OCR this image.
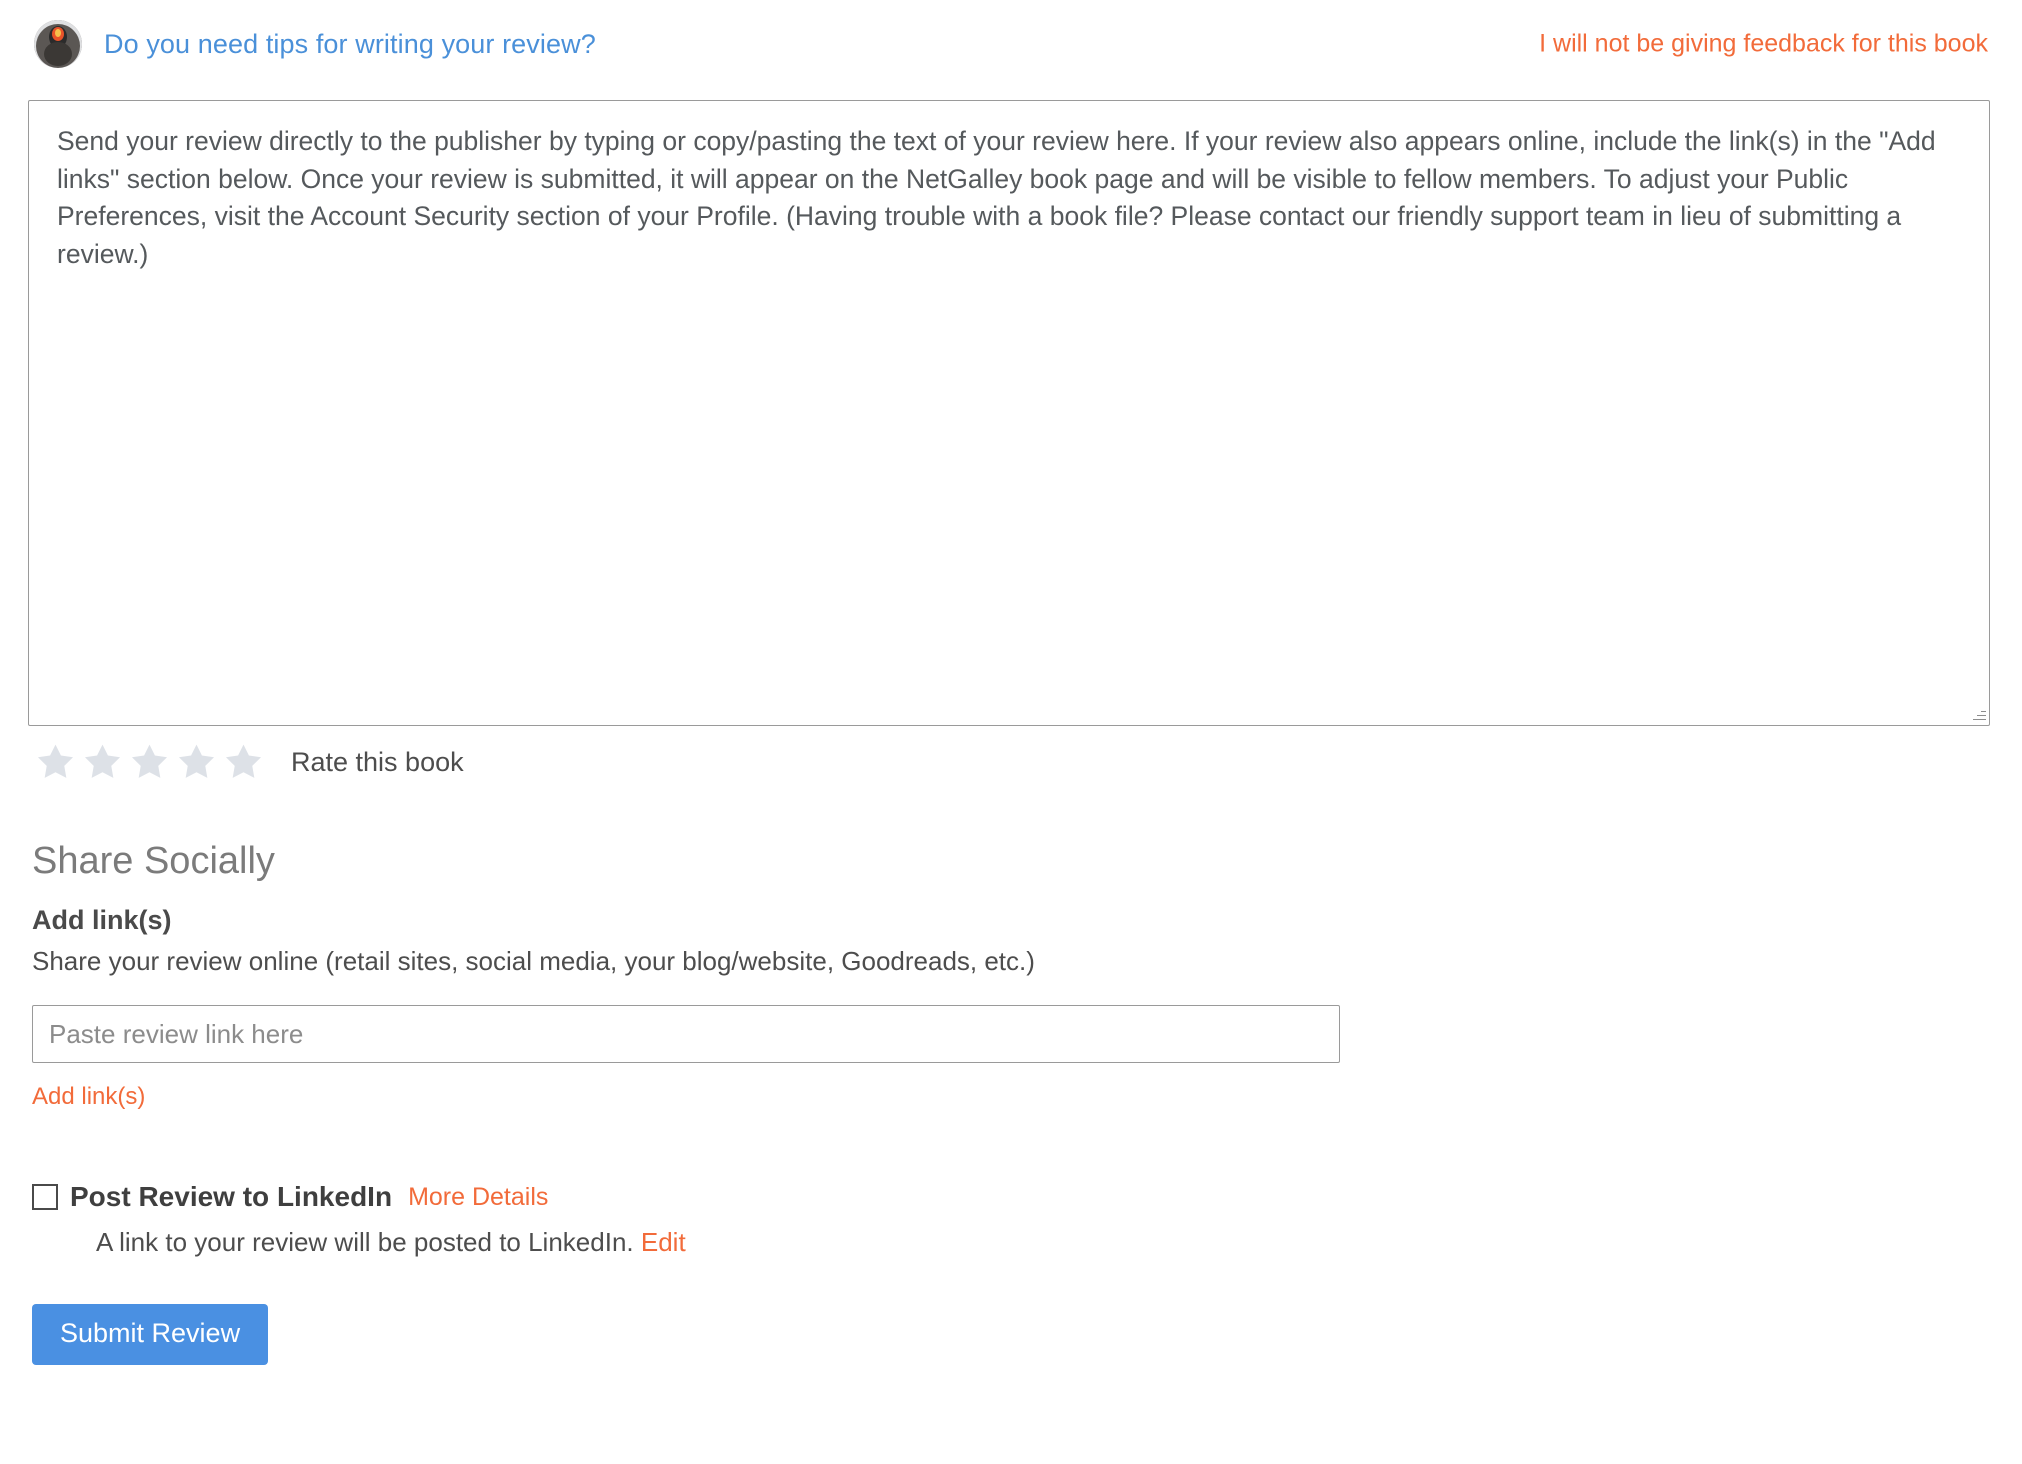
Do you need tips for writing your review?	I will not be giving feedback for this book
Send your review directly to the publisher by typing or copy/pasting the text of your review here. If your review also appears online, include the link(s) in the "Add links" section below. Once your review is submitted, it will appear on the NetGalley book page and will be visible to fellow members. To adjust your Public Preferences, visit the Account Security section of your Profile. (Having trouble with a book file? Please contact our friendly support team in lieu of submitting a review.)
Rate this book
Share Socially
Add link(s)
Share your review online (retail sites, social media, your blog/website, Goodreads, etc.)
Paste review link here Add link(s)
Post Review to LinkedIn More Details
A link to your review will be posted to LinkedIn. Edit
Submit Review
